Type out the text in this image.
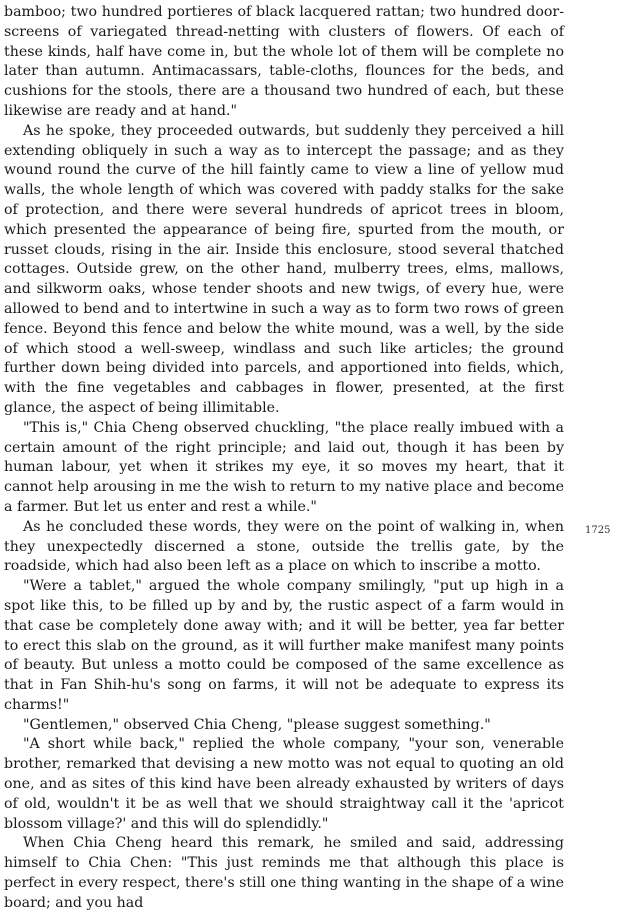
bamboo; two hundred portieres of black lacquered rattan; two hundred door-screens of variegated thread-netting with clusters of flowers. Of each of these kinds, half have come in, but the whole lot of them will be complete no later than autumn. Antimacassars, table-cloths, flounces for the beds, and cushions for the stools, there are a thousand two hundred of each, but these likewise are ready and at hand."

As he spoke, they proceeded outwards, but suddenly they perceived a hill extending obliquely in such a way as to intercept the passage; and as they wound round the curve of the hill faintly came to view a line of yellow mud walls, the whole length of which was covered with paddy stalks for the sake of protection, and there were several hundreds of apricot trees in bloom, which presented the appearance of being fire, spurted from the mouth, or russet clouds, rising in the air. Inside this enclosure, stood several thatched cottages. Outside grew, on the other hand, mulberry trees, elms, mallows, and silkworm oaks, whose tender shoots and new twigs, of every hue, were allowed to bend and to intertwine in such a way as to form two rows of green fence. Beyond this fence and below the white mound, was a well, by the side of which stood a well-sweep, windlass and such like articles; the ground further down being divided into parcels, and apportioned into fields, which, with the fine vegetables and cabbages in flower, presented, at the first glance, the aspect of being illimitable.

"This is," Chia Cheng observed chuckling, "the place really imbued with a certain amount of the right principle; and laid out, though it has been by human labour, yet when it strikes my eye, it so moves my heart, that it cannot help arousing in me the wish to return to my native place and become a farmer. But let us enter and rest a while."

As he concluded these words, they were on the point of walking in, when they unexpectedly discerned a stone, outside the trellis gate, by the roadside, which had also been left as a place on which to inscribe a motto.

"Were a tablet," argued the whole company smilingly, "put up high in a spot like this, to be filled up by and by, the rustic aspect of a farm would in that case be completely done away with; and it will be better, yea far better to erect this slab on the ground, as it will further make manifest many points of beauty. But unless a motto could be composed of the same excellence as that in Fan Shih-hu's song on farms, it will not be adequate to express its charms!"

"Gentlemen," observed Chia Cheng, "please suggest something."

"A short while back," replied the whole company, "your son, venerable brother, remarked that devising a new motto was not equal to quoting an old one, and as sites of this kind have been already exhausted by writers of days of old, wouldn't it be as well that we should straightway call it the 'apricot blossom village?' and this will do splendidly."

When Chia Cheng heard this remark, he smiled and said, addressing himself to Chia Chen: "This just reminds me that although this place is perfect in every respect, there's still one thing wanting in the shape of a wine board; and you had

1725
